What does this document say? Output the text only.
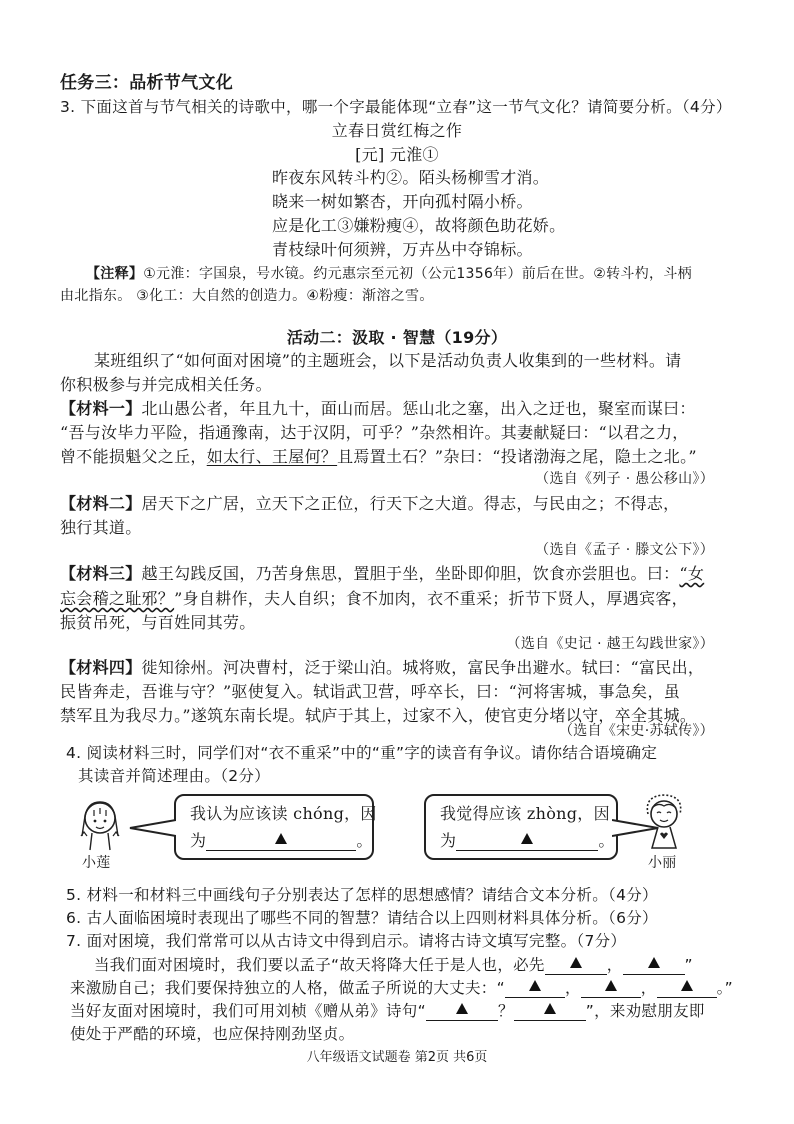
任务三：品析节气文化
3. 下面这首与节气相关的诗歌中，哪一个字最能体现“立春”这一节气文化？请简要分析。（4分）
立春日赏红梅之作
[元] 元淮①
昨夜东风转斗杓②。陌头杨柳雪才消。
晓来一树如繁杏，开向孤村隔小桥。
应是化工③嫌粉瘦④，故将颜色助花娇。
青枝绿叶何须辨，万卉丛中夺锦标。
【注释】①元淮：字国泉，号水镜。约元惠宗至元初（公元1356年）前后在世。②转斗杓，斗柄
由北指东。 ③化工：大自然的创造力。④粉瘦：渐溶之雪。
活动二：汲取 · 智慧（19分）
某班组织了“如何面对困境”的主题班会，以下是活动负责人收集到的一些材料。请
你积极参与并完成相关任务。
【材料一】北山愚公者，年且九十，面山而居。惩山北之塞，出入之迂也，聚室而谋曰：
“吾与汝毕力平险，指通豫南，达于汉阴，可乎？”杂然相许。其妻献疑曰：“以君之力，
曾不能损魁父之丘，如太行、王屋何？且焉置土石？”杂曰：“投诸渤海之尾，隐土之北。”
（选自《列子 · 愚公移山》）
【材料二】居天下之广居，立天下之正位，行天下之大道。得志，与民由之；不得志，
独行其道。
（选自《孟子 · 滕文公下》）
【材料三】越王勾践反国，乃苦身焦思，置胆于坐，坐卧即仰胆，饮食亦尝胆也。曰：“女
忘会稽之耻邪？”身自耕作，夫人自织；食不加肉，衣不重采；折节下贤人，厚遇宾客，
振贫吊死，与百姓同其劳。
（选自《史记 · 越王勾践世家》）
【材料四】徙知徐州。河决曹村，泛于梁山泊。城将败，富民争出避水。轼曰：“富民出，
民皆奔走，吾谁与守？”驱使复入。轼诣武卫营，呼卒长，曰：“河将害城，事急矣，虽
禁军且为我尽力。”遂筑东南长堤。轼庐于其上，过家不入，使官吏分堵以守，卒全其城。
（选自《宋史·苏轼传》）
4. 阅读材料三时，同学们对“衣不重采”中的“重”字的读音有争议。请你结合语境确定
其读音并简述理由。（2分）
小莲
我认为应该读 chóng，因
为	。
我觉得应该 zhòng，因
为	。
小丽
5. 材料一和材料三中画线句子分别表达了怎样的思想感情？请结合文本分析。（4分）
6. 古人面临困境时表现出了哪些不同的智慧？请结合以上四则材料具体分析。（6分）
7. 面对困境，我们常常可以从古诗文中得到启示。请将古诗文填写完整。（7分）
当我们面对困境时，我们要以孟子“故天将降大任于是人也，必先	，	”
来激励自己；我们要保持独立的人格，做孟子所说的大丈夫：“	，	，	。”
当好友面对困境时，我们可用刘桢《赠从弟》诗句“	？	”，来劝慰朋友即
使处于严酷的环境，也应保持刚劲坚贞。
八年级语文试题卷 第2页 共6页
